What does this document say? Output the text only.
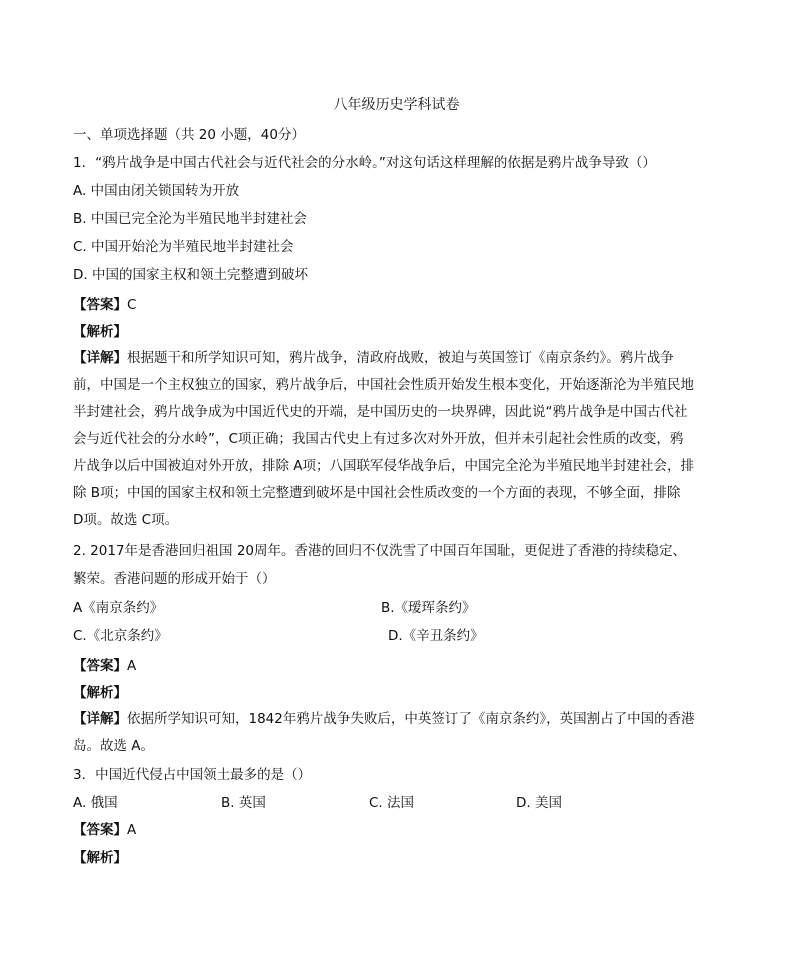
八年级历史学科试卷
一、单项选择题（共 20 小题，40分）
1．“鸦片战争是中国古代社会与近代社会的分水岭。”对这句话这样理解的依据是鸦片战争导致（）
A. 中国由闭关锁国转为开放
B. 中国已完全沦为半殖民地半封建社会
C. 中国开始沦为半殖民地半封建社会
D. 中国的国家主权和领土完整遭到破坏
【答案】C
【解析】
【详解】根据题干和所学知识可知，鸦片战争，清政府战败，被迫与英国签订《南京条约》。鸦片战争前，中国是一个主权独立的国家，鸦片战争后，中国社会性质开始发生根本变化，开始逐渐沦为半殖民地半封建社会，鸦片战争成为中国近代史的开端，是中国历史的一块界碑，因此说“鸦片战争是中国古代社会与近代社会的分水岭”，C项正确；我国古代史上有过多次对外开放，但并未引起社会性质的改变，鸦片战争以后中国被迫对外开放，排除 A项；八国联军侵华战争后，中国完全沦为半殖民地半封建社会，排除 B项；中国的国家主权和领土完整遭到破坏是中国社会性质改变的一个方面的表现，不够全面，排除 D项。故选 C项。
2. 2017年是香港回归祖国 20周年。香港的回归不仅洗雪了中国百年国耻，更促进了香港的持续稳定、繁荣。香港问题的形成开始于（）
A《南京条约》	B.《瑷珲条约》
C.《北京条约》	D.《辛丑条约》
【答案】A
【解析】
【详解】依据所学知识可知，1842年鸦片战争失败后，中英签订了《南京条约》，英国割占了中国的香港岛。故选 A。
3．中国近代侵占中国领土最多的是（）
A. 俄国	B. 英国	C. 法国	D. 美国
【答案】A
【解析】
